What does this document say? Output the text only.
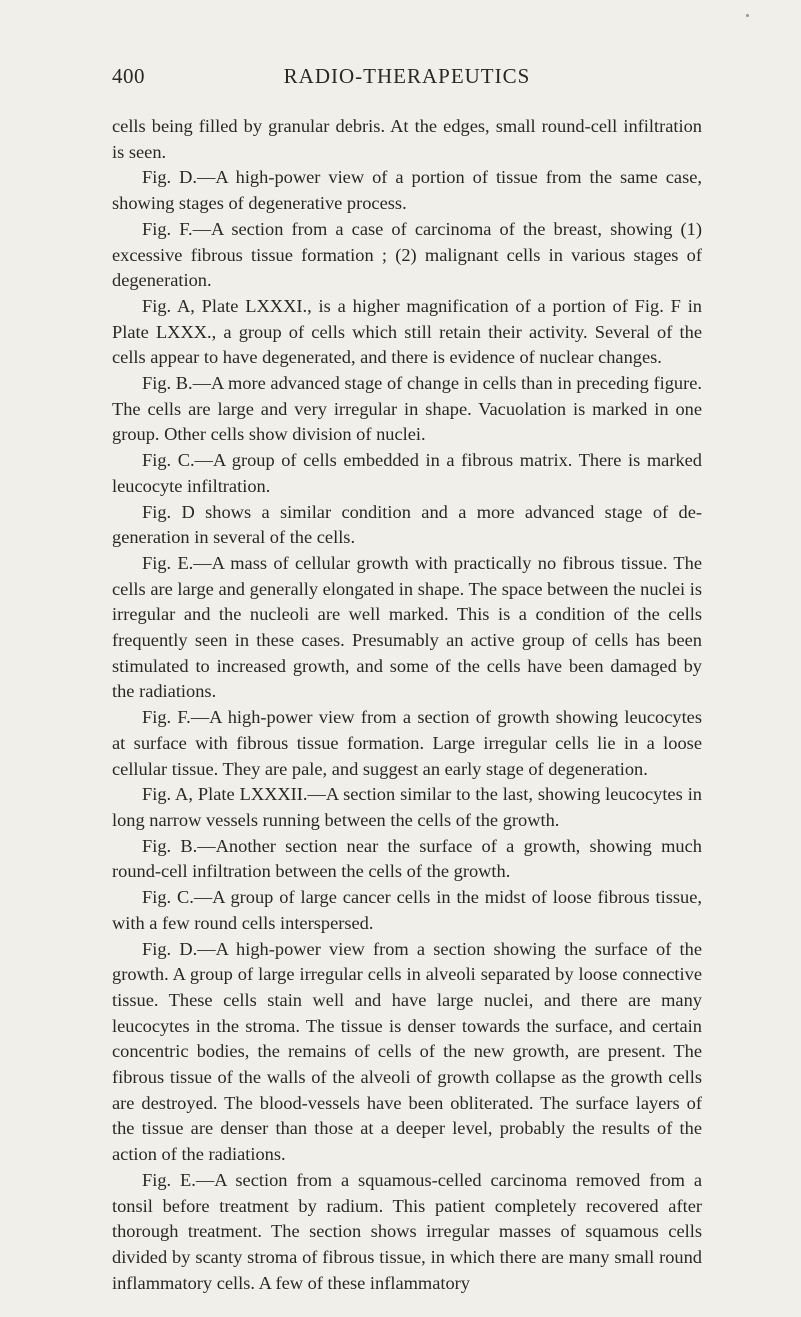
400	RADIO-THERAPEUTICS

cells being filled by granular debris. At the edges, small round-cell infiltration is seen.

Fig. D.—A high-power view of a portion of tissue from the same case, showing stages of degenerative process.

Fig. F.—A section from a case of carcinoma of the breast, showing (1) excessive fibrous tissue formation ; (2) malignant cells in various stages of degeneration.

Fig. A, Plate LXXXI., is a higher magnification of a portion of Fig. F in Plate LXXX., a group of cells which still retain their activity. Several of the cells appear to have degenerated, and there is evidence of nuclear changes.

Fig. B.—A more advanced stage of change in cells than in preceding figure. The cells are large and very irregular in shape. Vacuolation is marked in one group. Other cells show division of nuclei.

Fig. C.—A group of cells embedded in a fibrous matrix. There is marked leucocyte infiltration.

Fig. D shows a similar condition and a more advanced stage of degeneration in several of the cells.

Fig. E.—A mass of cellular growth with practically no fibrous tissue. The cells are large and generally elongated in shape. The space between the nuclei is irregular and the nucleoli are well marked. This is a condition of the cells frequently seen in these cases. Presumably an active group of cells has been stimulated to increased growth, and some of the cells have been damaged by the radiations.

Fig. F.—A high-power view from a section of growth showing leucocytes at surface with fibrous tissue formation. Large irregular cells lie in a loose cellular tissue. They are pale, and suggest an early stage of degeneration.

Fig. A, Plate LXXXII.—A section similar to the last, showing leucocytes in long narrow vessels running between the cells of the growth.

Fig. B.—Another section near the surface of a growth, showing much round-cell infiltration between the cells of the growth.

Fig. C.—A group of large cancer cells in the midst of loose fibrous tissue, with a few round cells interspersed.

Fig. D.—A high-power view from a section showing the surface of the growth. A group of large irregular cells in alveoli separated by loose connective tissue. These cells stain well and have large nuclei, and there are many leucocytes in the stroma. The tissue is denser towards the surface, and certain concentric bodies, the remains of cells of the new growth, are present. The fibrous tissue of the walls of the alveoli of growth collapse as the growth cells are destroyed. The blood-vessels have been obliterated. The surface layers of the tissue are denser than those at a deeper level, probably the results of the action of the radiations.

Fig. E.—A section from a squamous-celled carcinoma removed from a tonsil before treatment by radium. This patient completely recovered after thorough treatment. The section shows irregular masses of squamous cells divided by scanty stroma of fibrous tissue, in which there are many small round inflammatory cells. A few of these inflammatory
